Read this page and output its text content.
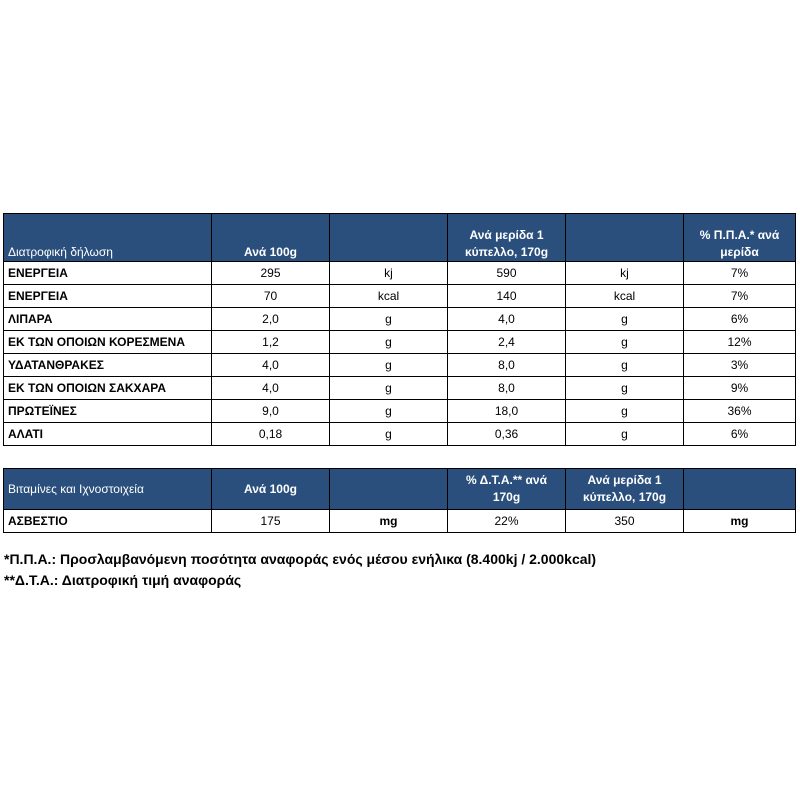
Διατροφική δήλωση	Ανά 100g		Ανά μερίδα 1 κύπελλο, 170g		% Π.Π.Α.* ανά μερίδα
ΕΝΕΡΓΕΙΑ	295	kj	590	kj	7%
ΕΝΕΡΓΕΙΑ	70	kcal	140	kcal	7%
ΛΙΠΑΡΑ	2,0	g	4,0	g	6%
ΕΚ ΤΩΝ ΟΠΟΙΩΝ ΚΟΡΕΣΜΕΝΑ	1,2	g	2,4	g	12%
ΥΔΑΤΑΝΘΡΑΚΕΣ	4,0	g	8,0	g	3%
ΕΚ ΤΩΝ ΟΠΟΙΩΝ ΣΑΚΧΑΡΑ	4,0	g	8,0	g	9%
ΠΡΩΤΕΪΝΕΣ	9,0	g	18,0	g	36%
ΑΛΑΤΙ	0,18	g	0,36	g	6%
Βιταμίνες και Ιχνοστοιχεία	Ανά 100g		% Δ.Τ.Α.** ανά 170g	Ανά μερίδα 1 κύπελλο, 170g	
ΑΣΒΕΣΤΙΟ	175	mg	22%	350	mg
*Π.Π.Α.: Προσλαμβανόμενη ποσότητα αναφοράς ενός μέσου ενήλικα (8.400kj / 2.000kcal)
**Δ.Τ.Α.: Διατροφική τιμή αναφοράς
